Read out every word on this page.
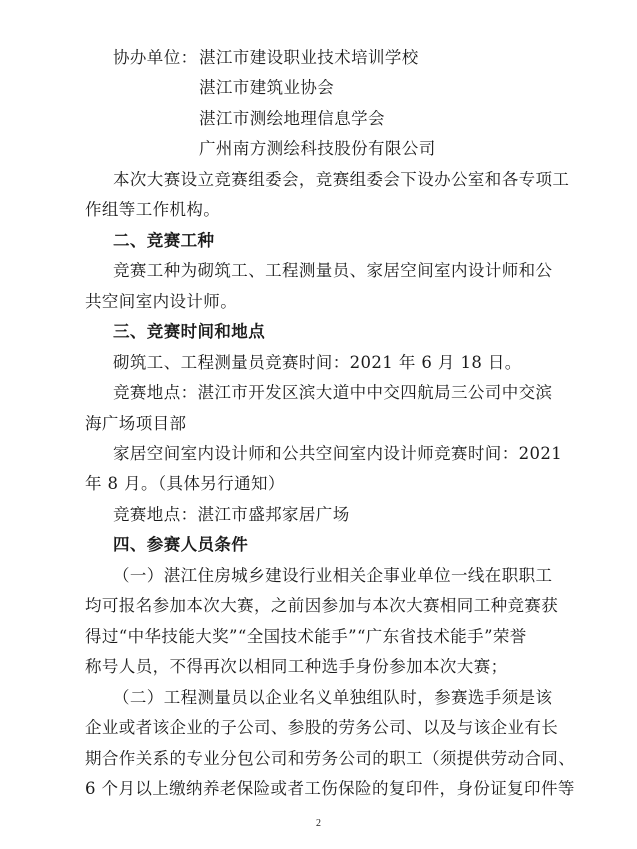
协办单位： 湛江市建设职业技术培训学校
湛江市建筑业协会
湛江市测绘地理信息学会
广州南方测绘科技股份有限公司
本次大赛设立竞赛组委会，竞赛组委会下设办公室和各专项工
作组等工作机构。
二、竞赛工种
竞赛工种为砌筑工、工程测量员、家居空间室内设计师和公
共空间室内设计师。
三、竞赛时间和地点
砌筑工、工程测量员竞赛时间：2021 年 6 月 18 日。
竞赛地点：湛江市开发区滨大道中中交四航局三公司中交滨
海广场项目部
家居空间室内设计师和公共空间室内设计师竞赛时间：2021
年 8 月。（具体另行通知）
竞赛地点：湛江市盛邦家居广场
四、参赛人员条件
（一）湛江住房城乡建设行业相关企事业单位一线在职职工
均可报名参加本次大赛，之前因参加与本次大赛相同工种竞赛获
得过“中华技能大奖”“全国技术能手”“广东省技术能手”荣誉
称号人员，不得再次以相同工种选手身份参加本次大赛；
（二）工程测量员以企业名义单独组队时，参赛选手须是该
企业或者该企业的子公司、参股的劳务公司、以及与该企业有长
期合作关系的专业分包公司和劳务公司的职工（须提供劳动合同、
6 个月以上缴纳养老保险或者工伤保险的复印件，身份证复印件等
2
